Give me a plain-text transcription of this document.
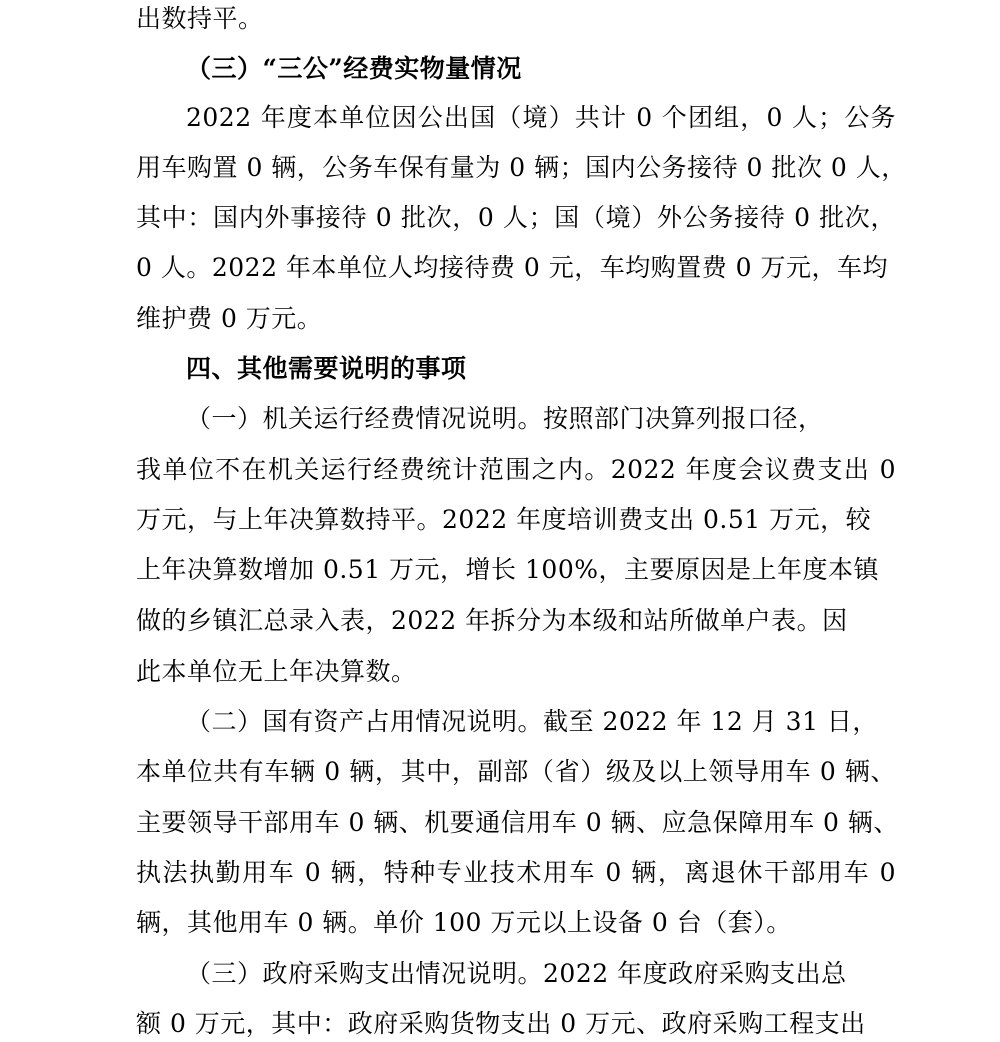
出数持平。
（三）“三公”经费实物量情况
2022 年度本单位因公出国（境）共计 0 个团组，0 人；公务
用车购置 0 辆，公务车保有量为 0 辆；国内公务接待 0 批次 0 人，
其中：国内外事接待 0 批次，0 人；国（境）外公务接待 0 批次，
0 人。2022 年本单位人均接待费 0 元，车均购置费 0 万元，车均
维护费 0 万元。
四、其他需要说明的事项
（一）机关运行经费情况说明。按照部门决算列报口径，
我单位不在机关运行经费统计范围之内。2022 年度会议费支出 0
万元，与上年决算数持平。2022 年度培训费支出 0.51 万元，较
上年决算数增加 0.51 万元，增长 100%，主要原因是上年度本镇
做的乡镇汇总录入表，2022 年拆分为本级和站所做单户表。因
此本单位无上年决算数。
（二）国有资产占用情况说明。截至 2022 年 12 月 31 日，
本单位共有车辆 0 辆，其中，副部（省）级及以上领导用车 0 辆、
主要领导干部用车 0 辆、机要通信用车 0 辆、应急保障用车 0 辆、
执法执勤用车 0 辆，特种专业技术用车 0 辆，离退休干部用车 0
辆，其他用车 0 辆。单价 100 万元以上设备 0 台（套）。
（三）政府采购支出情况说明。2022 年度政府采购支出总
额 0 万元，其中：政府采购货物支出 0 万元、政府采购工程支出
